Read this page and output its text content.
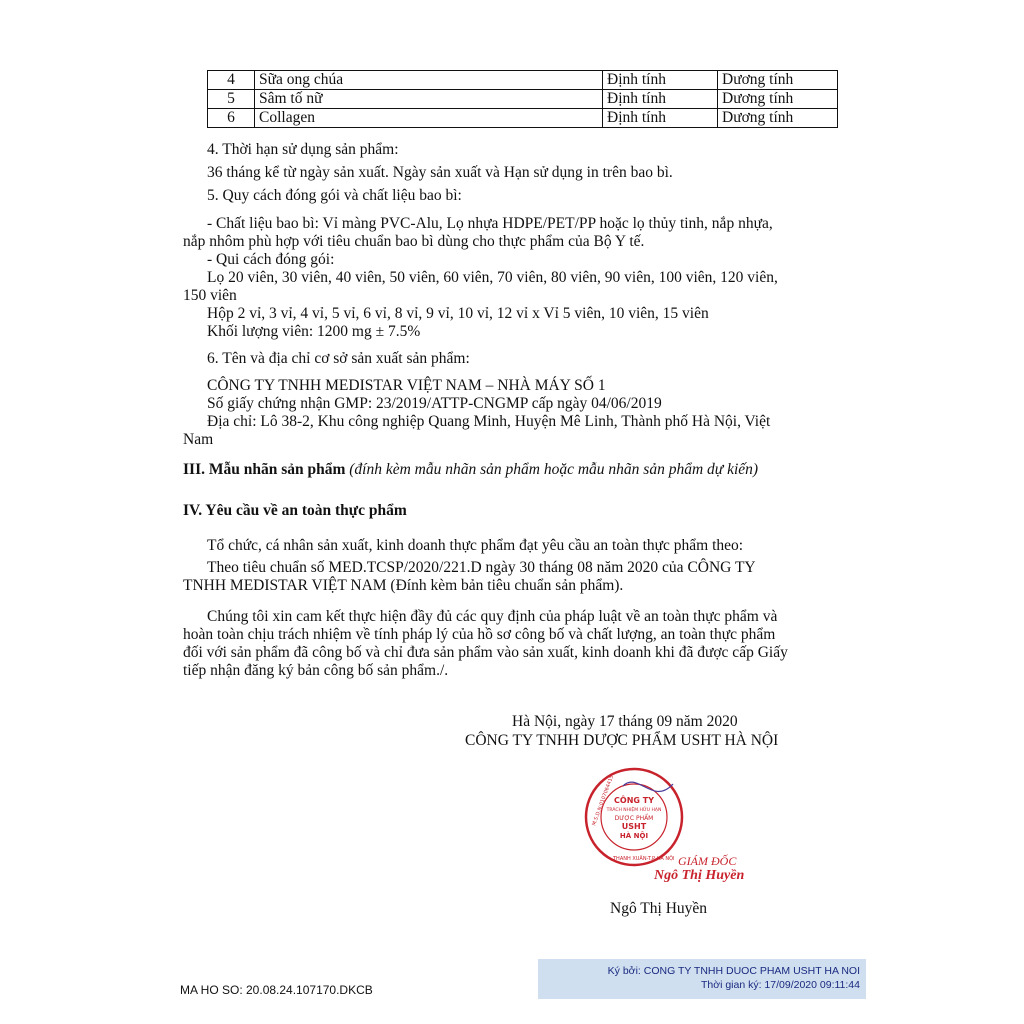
4	Sữa ong chúa	Định tính	Dương tính
5	Sâm tố nữ	Định tính	Dương tính
6	Collagen	Định tính	Dương tính
4. Thời hạn sử dụng sản phẩm:
36 tháng kể từ ngày sản xuất. Ngày sản xuất và Hạn sử dụng in trên bao bì.
5. Quy cách đóng gói và chất liệu bao bì:
- Chất liệu bao bì: Vỉ màng PVC-Alu, Lọ nhựa HDPE/PET/PP hoặc lọ thủy tinh, nắp nhựa,
nắp nhôm phù hợp với tiêu chuẩn bao bì dùng cho thực phẩm của Bộ Y tế.
- Qui cách đóng gói:
Lọ 20 viên, 30 viên, 40 viên, 50 viên, 60 viên, 70 viên, 80 viên, 90 viên, 100 viên, 120 viên,
150 viên
Hộp 2 vỉ, 3 vỉ, 4 vỉ, 5 vỉ, 6 vỉ, 8 vỉ, 9 vỉ, 10 vỉ, 12 vỉ x Vỉ 5 viên, 10 viên, 15 viên
Khối lượng viên: 1200 mg ± 7.5%
6. Tên và địa chỉ cơ sở sản xuất sản phẩm:
CÔNG TY TNHH MEDISTAR VIỆT NAM – NHÀ MÁY SỐ 1
Số giấy chứng nhận GMP: 23/2019/ATTP-CNGMP cấp ngày 04/06/2019
Địa chỉ: Lô 38-2, Khu công nghiệp Quang Minh, Huyện Mê Linh, Thành phố Hà Nội, Việt
Nam
III. Mẫu nhãn sản phẩm (đính kèm mẫu nhãn sản phẩm hoặc mẫu nhãn sản phẩm dự kiến)
IV. Yêu cầu về an toàn thực phẩm
Tổ chức, cá nhân sản xuất, kinh doanh thực phẩm đạt yêu cầu an toàn thực phẩm theo:
Theo tiêu chuẩn số MED.TCSP/2020/221.D ngày 30 tháng 08 năm 2020 của CÔNG TY
TNHH MEDISTAR VIỆT NAM (Đính kèm bản tiêu chuẩn sản phẩm).
Chúng tôi xin cam kết thực hiện đầy đủ các quy định của pháp luật về an toàn thực phẩm và
hoàn toàn chịu trách nhiệm về tính pháp lý của hồ sơ công bố và chất lượng, an toàn thực phẩm
đối với sản phẩm đã công bố và chỉ đưa sản phẩm vào sản xuất, kinh doanh khi đã được cấp Giấy
tiếp nhận đăng ký bản công bố sản phẩm./.
Hà Nội, ngày 17 tháng 09 năm 2020
CÔNG TY TNHH DƯỢC PHẨM USHT HÀ NỘI
CÔNG TY
TRÁCH NHIỆM HỮU HẠN
DƯỢC PHẨM
USHT
HÀ NỘI
M.S.D.N:0107064415
THANH XUÂN-T.P HÀ NỘI GIÁM ĐỐC
Ngô Thị Huyền
Ngô Thị Huyền
MA HO SO: 20.08.24.107170.DKCB
Ký bởi: CONG TY TNHH DUOC PHAM USHT HA NOI
Thời gian ký: 17/09/2020 09:11:44
